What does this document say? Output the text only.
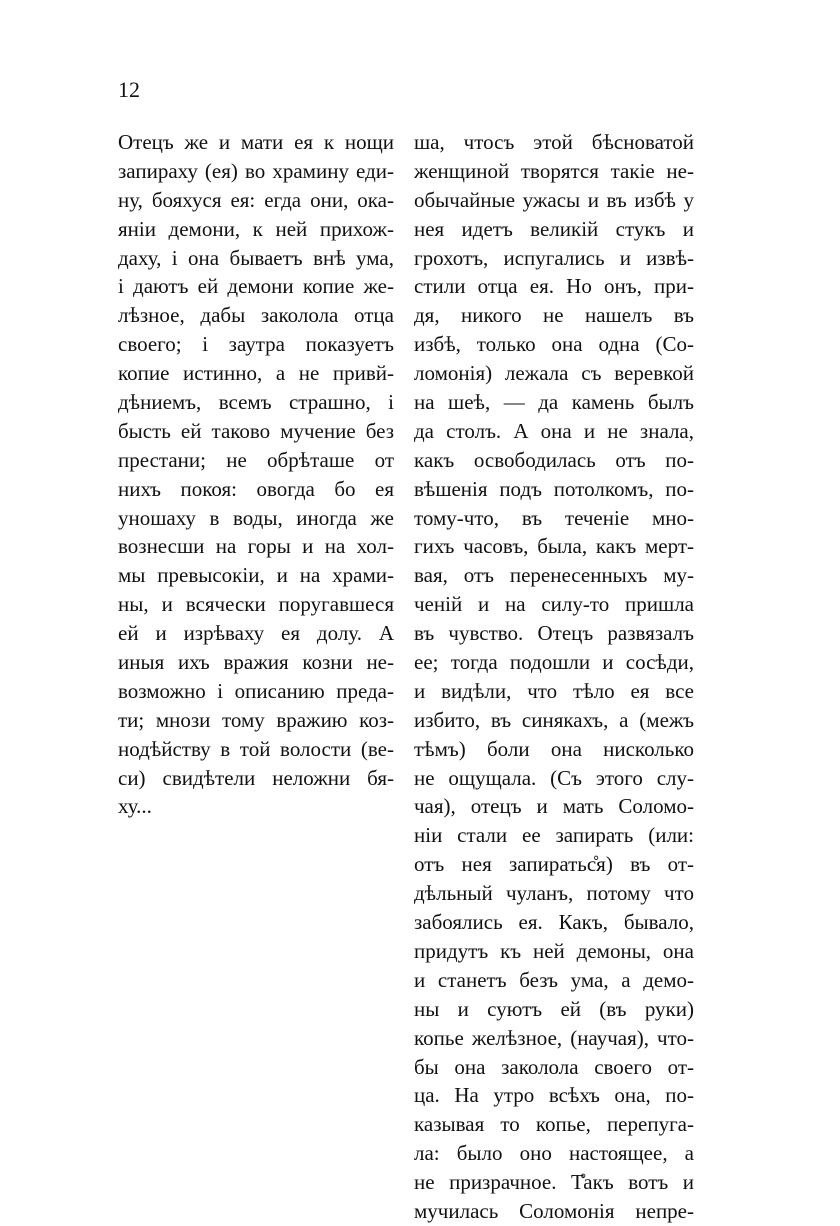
12
Отецъ же и мати ея к нощи
запираху (ея) во храмину еди-
ну, бояхуся ея: егда они, ока-
янiи демони, к ней прихож-
даху, i она бываетъ внѣ ума,
i даютъ ей демони копие же-
лѣзное, дабы заколола отца
своего; i заутра показуетъ
копие истинно, а не привй-
дѣниемъ, всемъ страшно, i
бысть ей таково мучение без
престани; не обрѣташе от
нихъ покоя: овогда бо ея
уношаху в воды, иногда же
вознесши на горы и на хол-
мы превысокiи, и на храми-
ны, и всячески поругавшеся
ей и изрѣваху ея долу. А
иныя ихъ вражия козни не-
возможно i описанию преда-
ти; мнози тому вражию коз-
нодѣйству в той волости (ве-
си) свидѣтели неложни бя-
ху...
ша, чтосъ этой бѣсноватой
женщиной творятся такiе не-
обычайные ужасы и въ избѣ у
нея идетъ великiй стукъ и
грохотъ, испугались и извѣ-
стили отца ея. Но онъ, при-
дя, никого не нашелъ въ
избѣ, только она одна (Со-
ломонiя) лежала съ веревкой
на шеѣ, — да камень былъ
да столъ. А она и не знала,
какъ освободилась отъ по-
вѣшенiя подъ потолкомъ, по-
тому-что, въ теченiе мно-
гихъ часовъ, была, какъ мерт-
вая, отъ перенесенныхъ му-
ченiй и на силу-то пришла
въ чувство. Отецъ развязалъ
ее; тогда подошли и сосѣди,
и видѣли, что тѣло ея все
избито, въ синякахъ, а (межъ
тѣмъ) боли она нисколько
не ощущала. (Съ этого слу-
чая), отецъ и мать Соломо-
нiи стали ее запирать (или:
отъ нея запиратьс̊я) въ от-
дѣльный чуланъ, потому что
забоялись ея. Какъ, бывало,
придутъ къ ней демоны, она
и станетъ безъ ума, а демо-
ны и суютъ ей (въ руки)
копье желѣзное, (научая), что-
бы она заколола своего от-
ца. На утро всѣхъ она, по-
казывая то копье, перепуга-
ла: было оно настоящее, а
не призрачное. Т̊акъ вотъ и
мучилась Соломонiя непре-
